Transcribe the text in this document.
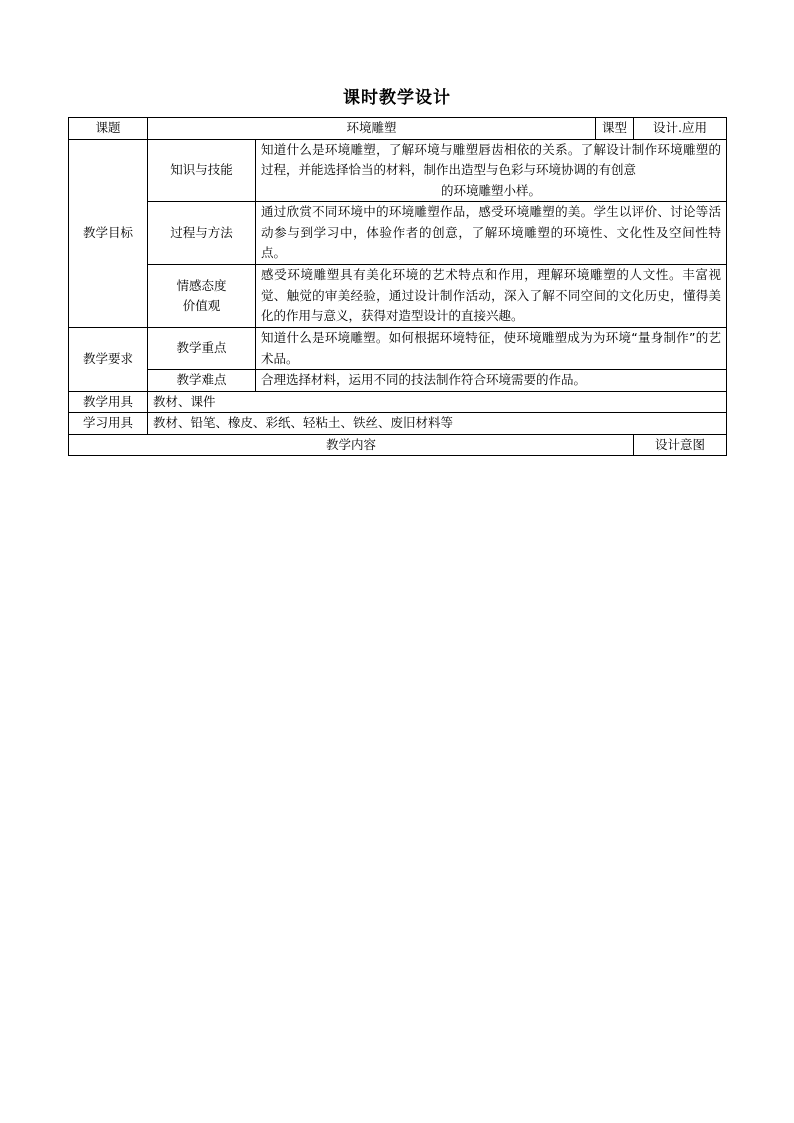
课时教学设计
课题	环境雕塑		课型	设计.应用
教学目标	知识与技能	知道什么是环境雕塑，了解环境与雕塑唇齿相依的关系。了解设计制作环境雕塑的过程，并能选择恰当的材料，制作出造型与色彩与环境协调的有创意
的环境雕塑小样。		

	过程与方法	通过欣赏不同环境中的环境雕塑作品，感受环境雕塑的美。学生以评价、讨论等活动参与到学习中，体验作者的创意，了解环境雕塑的环境性、文化性及空间性特点。		

	情感态度
价值观	感受环境雕塑具有美化环境的艺术特点和作用，理解环境雕塑的人文性。丰富视觉、触觉的审美经验，通过设计制作活动，深入了解不同空间的文化历史，懂得美化的作用与意义，获得对造型设计的直接兴趣。		
教学要求	教学重点	知道什么是环境雕塑。如何根据环境特征，使环境雕塑成为为环境“量身制作”的艺术品。		
	教学难点	合理选择材料，运用不同的技法制作符合环境需要的作品。		
教学用具	教材、课件			
学习用具	教材、铅笔、橡皮、彩纸、轻粘土、铁丝、废旧材料等			
教学内容				设计意图
